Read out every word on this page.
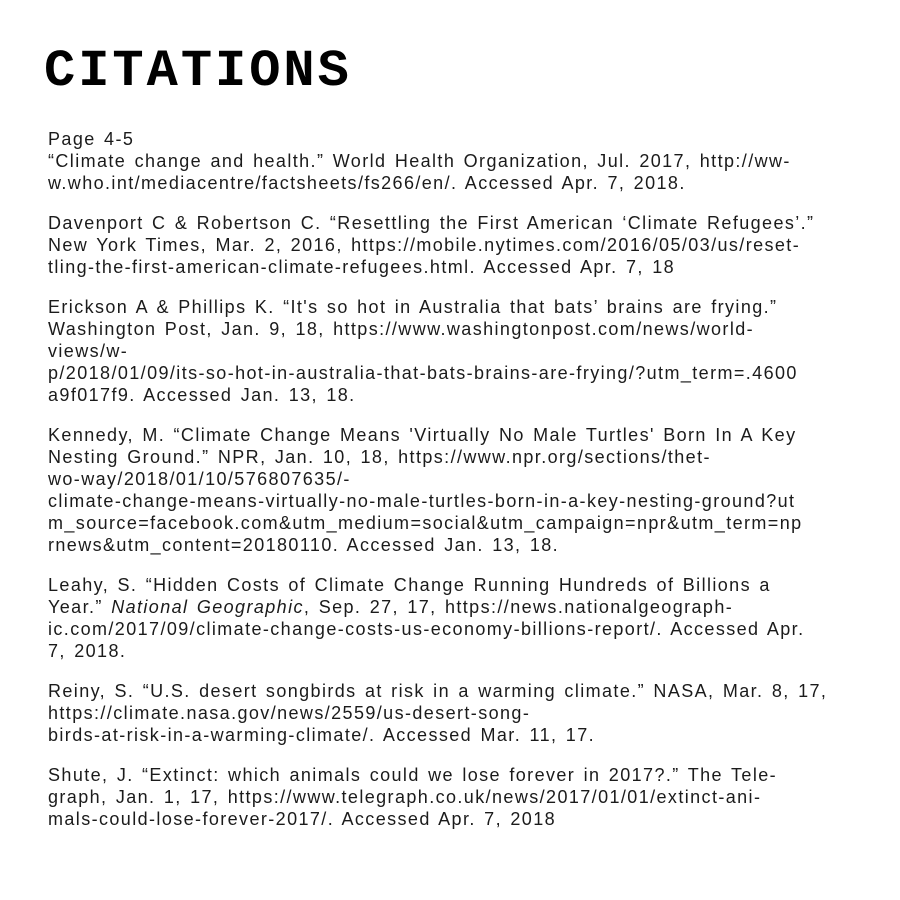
CITATIONS
Page 4-5
“Climate change and health.” World Health Organization, Jul. 2017, http://ww-
w.who.int/mediacentre/factsheets/fs266/en/. Accessed Apr. 7, 2018.
Davenport C & Robertson C. “Resettling the First American ‘Climate Refugees’.”
New York Times, Mar. 2, 2016, https://mobile.nytimes.com/2016/05/03/us/reset-
tling-the-first-american-climate-refugees.html. Accessed Apr. 7, 18
Erickson A & Phillips K. “It's so hot in Australia that bats’ brains are frying.”
Washington Post, Jan. 9, 18, https://www.washingtonpost.com/news/world-
views/w-
p/2018/01/09/its-so-hot-in-australia-that-bats-brains-are-frying/?utm_term=.4600
a9f017f9. Accessed Jan. 13, 18.
Kennedy, M. “Climate Change Means 'Virtually No Male Turtles' Born In A Key
Nesting Ground.” NPR, Jan. 10, 18, https://www.npr.org/sections/thet-
wo-way/2018/01/10/576807635/-
climate-change-means-virtually-no-male-turtles-born-in-a-key-nesting-ground?ut
m_source=facebook.com&utm_medium=social&utm_campaign=npr&utm_term=np
rnews&utm_content=20180110. Accessed Jan. 13, 18.
Leahy, S. “Hidden Costs of Climate Change Running Hundreds of Billions a
Year.” National Geographic, Sep. 27, 17, https://news.nationalgeograph-
ic.com/2017/09/climate-change-costs-us-economy-billions-report/. Accessed Apr.
7, 2018.
Reiny, S. “U.S. desert songbirds at risk in a warming climate.” NASA, Mar. 8, 17,
https://climate.nasa.gov/news/2559/us-desert-song-
birds-at-risk-in-a-warming-climate/. Accessed Mar. 11, 17.
Shute, J. “Extinct: which animals could we lose forever in 2017?.” The Tele-
graph, Jan. 1, 17, https://www.telegraph.co.uk/news/2017/01/01/extinct-ani-
mals-could-lose-forever-2017/. Accessed Apr. 7, 2018
